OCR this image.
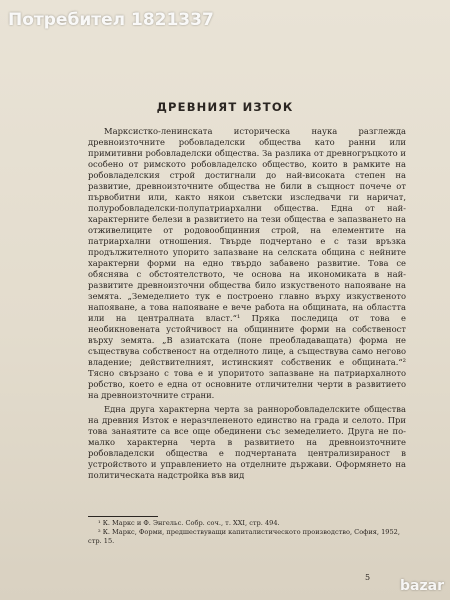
Потребител 1821337
ДРЕВНИЯТ ИЗТОК

Марксистко-ленинската историческа наука разглежда древноизточните робовладелски общества като ранни или примитивни робовладелски общества. За разлика от древногръцкото и особено от римското робовладелско общество, които в рамките на робовладелския строй достигнали до най-високата степен на развитие, древноизточните общества не били в същност почечe от първобитни или, както някои съветски изследвачи ги наричат, полуробовладелски-полупатриархални общества. Една от най-характерните белези в развитието на тези общества е запазването на отживелиците от родовообщинния строй, на елементите на патриархални отношения. Твърде подчертано е с тази връзка продължителното упорито запазване на селската община с нейните характерни форми на едно твърдо забавено развитие. Това се обяснява с обстоятелството, че основа на икономиката в най-развитите древноизточни общества било изкуственото напояване на земята. „Земеделието тук е построено главно върху изкуственото напояване, а това напояване е вече работа на общината, на областта или на централната власт.“¹ Пряка последица от това е необикновената устойчивост на общинните форми на собственост върху земята. „В азиатската (поне преобладаващата) форма не съществува собственост на отделното лице, а съществува само негово владение; действителният, истинският собственик е общината.“² Тясно свързано с това е и упоритото запазване на патриархалното робство, което е една от основните отличителни черти в развитието на древноизточните страни.

Една друга характерна черта за ранноробовладелските общества на древния Изток е неразчлененото единство на града и селото. При това занаятите са все още обединени със земеделието. Друга не по-малко характерна черта в развитието на древноизточните робовладелски общества е подчертаната централизираност в устройството и управлението на отделните държави. Оформянето на политическата надстройка във вид

¹ К. Маркс и Ф. Энгельс. Собр. соч., т. XXI, стр. 494.
² К. Маркс, Форми, предшествуващи капиталистическото производство, София, 1952, стр. 15.
5
bazar
